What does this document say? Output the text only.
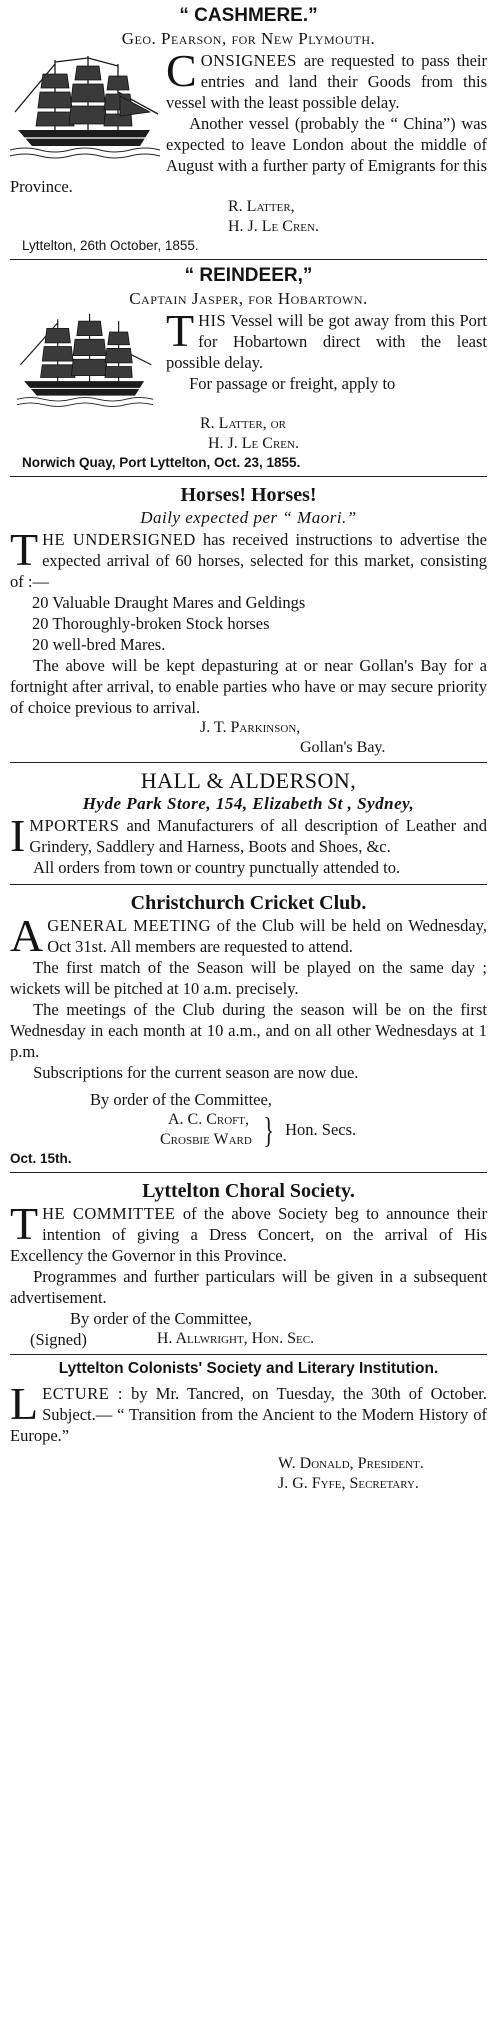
“ CASHMERE.”
Geo. Pearson, for New Plymouth.

CONSIGNEES are requested to pass their entries and land their Goods from this vessel with the least possible delay.

Another vessel (probably the “ China”) was expected to leave London about the middle of August with a further party of Emigrants for this Province.

R. Latter,
H. J. Le Cren.
Lyttelton, 26th October, 1855.
“ REINDEER,”
Captain Jasper, for Hobartown.

THIS Vessel will be got away from this Port for Hobartown direct with the least possible delay.

For passage or freight, apply to

R. Latter, or
H. J. Le Cren.
Norwich Quay, Port Lyttelton, Oct. 23, 1855.
Horses! Horses!
Daily expected per “ Maori.”

THE UNDERSIGNED has received instructions to advertise the expected arrival of 60 horses, selected for this market, consisting of :—

20 Valuable Draught Mares and Geldings
20 Thoroughly-broken Stock horses
20 well-bred Mares.

The above will be kept depasturing at or near Gollan's Bay for a fortnight after arrival, to enable parties who have or may secure priority of choice previous to arrival.

J. T. Parkinson,
Gollan's Bay.
HALL & ALDERSON,
Hyde Park Store, 154, Elizabeth St , Sydney,

IMPORTERS and Manufacturers of all description of Leather and Grindery, Saddlery and Harness, Boots and Shoes, &c.

All orders from town or country punctually attended to.

Christchurch Cricket Club.

AGENERAL MEETING of the Club will be held on Wednesday, Oct 31st. All members are requested to attend.

The first match of the Season will be played on the same day ; wickets will be pitched at 10 a.m. precisely.

The meetings of the Club during the season will be on the first Wednesday in each month at 10 a.m., and on all other Wednesdays at 1 p.m.

Subscriptions for the current season are now due.

By order of the Committee,
A. C. Croft,
Crosbie Ward } Hon. Secs.
Oct. 15th.
Lyttelton Choral Society.

THE COMMITTEE of the above Society beg to announce their intention of giving a Dress Concert, on the arrival of His Excellency the Governor in this Province.

Programmes and further particulars will be given in a subsequent advertisement.

By order of the Committee,
(Signed)	H. Allwright, Hon. Sec.
Lyttelton Colonists' Society and Literary Institution.

LECTURE : by Mr. Tancred, on Tuesday, the 30th of October. Subject.— “ Transition from the Ancient to the Modern History of Europe.”

W. Donald, President.
J. G. Fyfe, Secretary.
